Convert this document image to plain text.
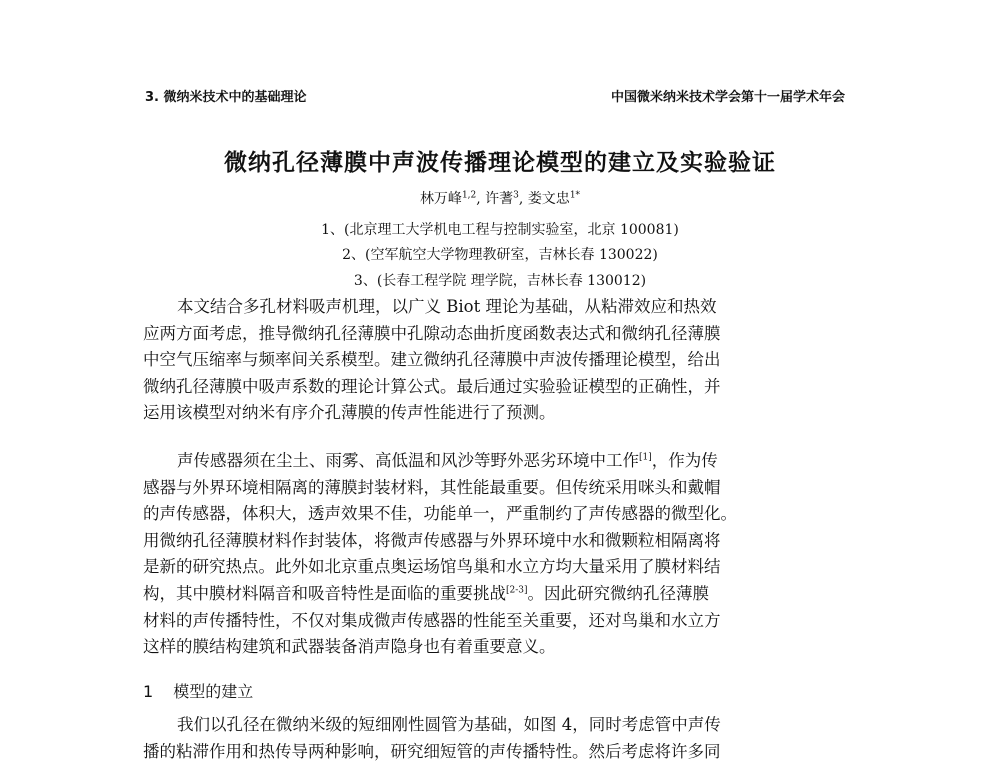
3. 微纳米技术中的基础理论	中国微米纳米技术学会第十一届学术年会
微纳孔径薄膜中声波传播理论模型的建立及实验验证
林万峰$^{1,2}$, 许蓍$^3$, 娄文忠$^{1*}$
1、(北京理工大学机电工程与控制实验室，北京 100081)
2、(空军航空大学物理教研室，吉林长春 130022)
3、(长春工程学院 理学院，吉林长春 130012)
本文结合多孔材料吸声机理，以广义 Biot 理论为基础，从粘滞效应和热效
应两方面考虑，推导微纳孔径薄膜中孔隙动态曲折度函数表达式和微纳孔径薄膜
中空气压缩率与频率间关系模型。建立微纳孔径薄膜中声波传播理论模型，给出
微纳孔径薄膜中吸声系数的理论计算公式。最后通过实验验证模型的正确性，并
运用该模型对纳米有序介孔薄膜的传声性能进行了预测。
声传感器须在尘土、雨雾、高低温和风沙等野外恶劣环境中工作[1]，作为传
感器与外界环境相隔离的薄膜封装材料，其性能最重要。但传统采用咪头和戴帽
的声传感器，体积大，透声效果不佳，功能单一，严重制约了声传感器的微型化。
用微纳孔径薄膜材料作封装体，将微声传感器与外界环境中水和微颗粒相隔离将
是新的研究热点。此外如北京重点奥运场馆鸟巢和水立方均大量采用了膜材料结
构，其中膜材料隔音和吸音特性是面临的重要挑战[2-3]。因此研究微纳孔径薄膜
材料的声传播特性，不仅对集成微声传感器的性能至关重要，还对鸟巢和水立方
这样的膜结构建筑和武器装备消声隐身也有着重要意义。
1 模型的建立
我们以孔径在微纳米级的短细刚性圆管为基础，如图 4，同时考虑管中声传
播的粘滞作用和热传导两种影响，研究细短管的声传播特性。然后考虑将许多同
